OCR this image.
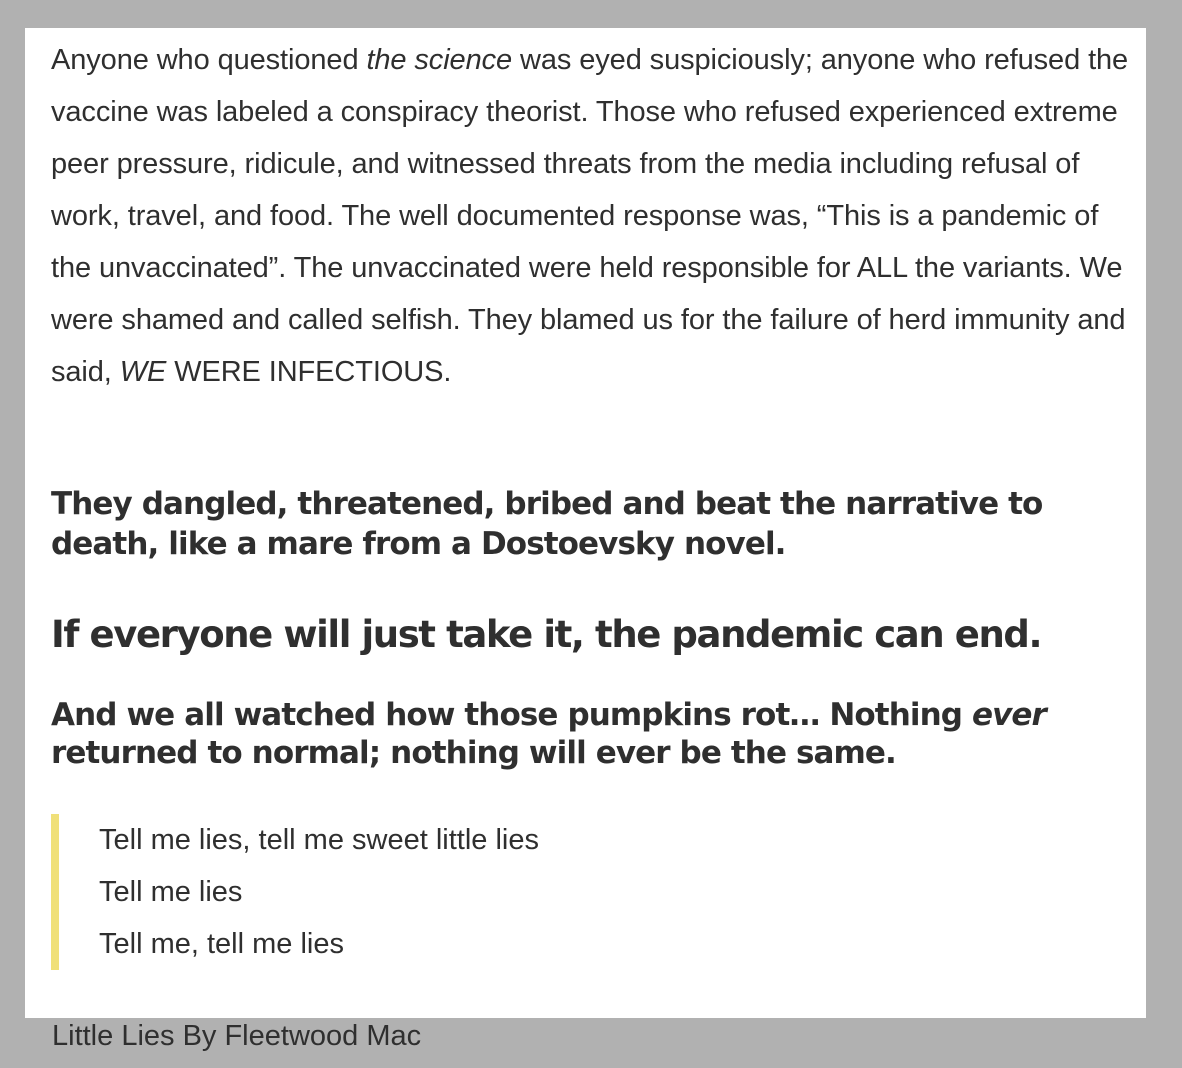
Anyone who questioned the science was eyed suspiciously; anyone who refused the vaccine was labeled a conspiracy theorist. Those who refused experienced extreme peer pressure, ridicule, and witnessed threats from the media including refusal of work, travel, and food. The well documented response was, “This is a pandemic of the unvaccinated”. The unvaccinated were held responsible for ALL the variants. We were shamed and called selfish. They blamed us for the failure of herd immunity and said, WE WERE INFECTIOUS.

They dangled, threatened, bribed and beat the narrative to death, like a mare from a Dostoevsky novel.
If everyone will just take it, the pandemic can end.
And we all watched how those pumpkins rot… Nothing ever returned to normal; nothing will ever be the same.
Tell me lies, tell me sweet little lies
Tell me lies
Tell me, tell me lies
Little Lies By Fleetwood Mac
